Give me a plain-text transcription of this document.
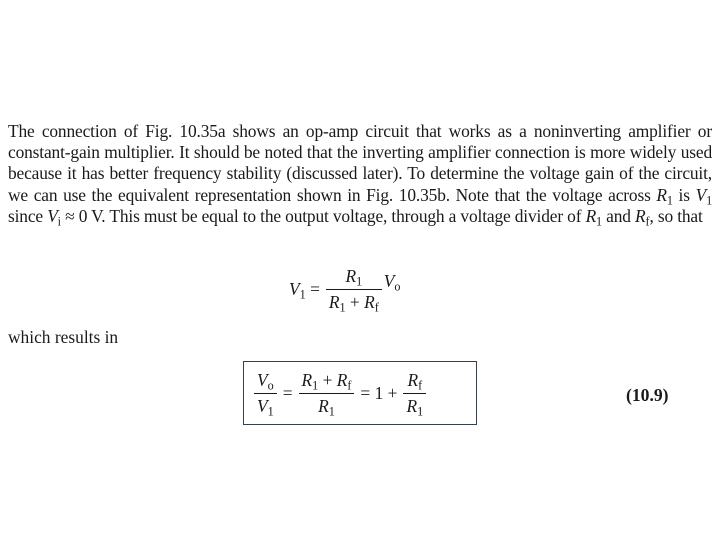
The connection of Fig. 10.35a shows an op-amp circuit that works as a noninverting amplifier or constant-gain multiplier. It should be noted that the inverting amplifier connection is more widely used because it has better frequency stability (discussed later). To determine the voltage gain of the circuit, we can use the equivalent representation shown in Fig. 10.35b. Note that the voltage across $R_1$ is $V_1$ since $V_i \approx 0$ V. This must be equal to the output voltage, through a voltage divider of $R_1$ and $R_f$, so that
$V_1 = \frac{R_1}{R_1 + R_f} V_o$
which results in
$\frac{V_o}{V_1} = \frac{R_1 + R_f}{R_1} = 1 + \frac{R_f}{R_1}$	(10.9)
